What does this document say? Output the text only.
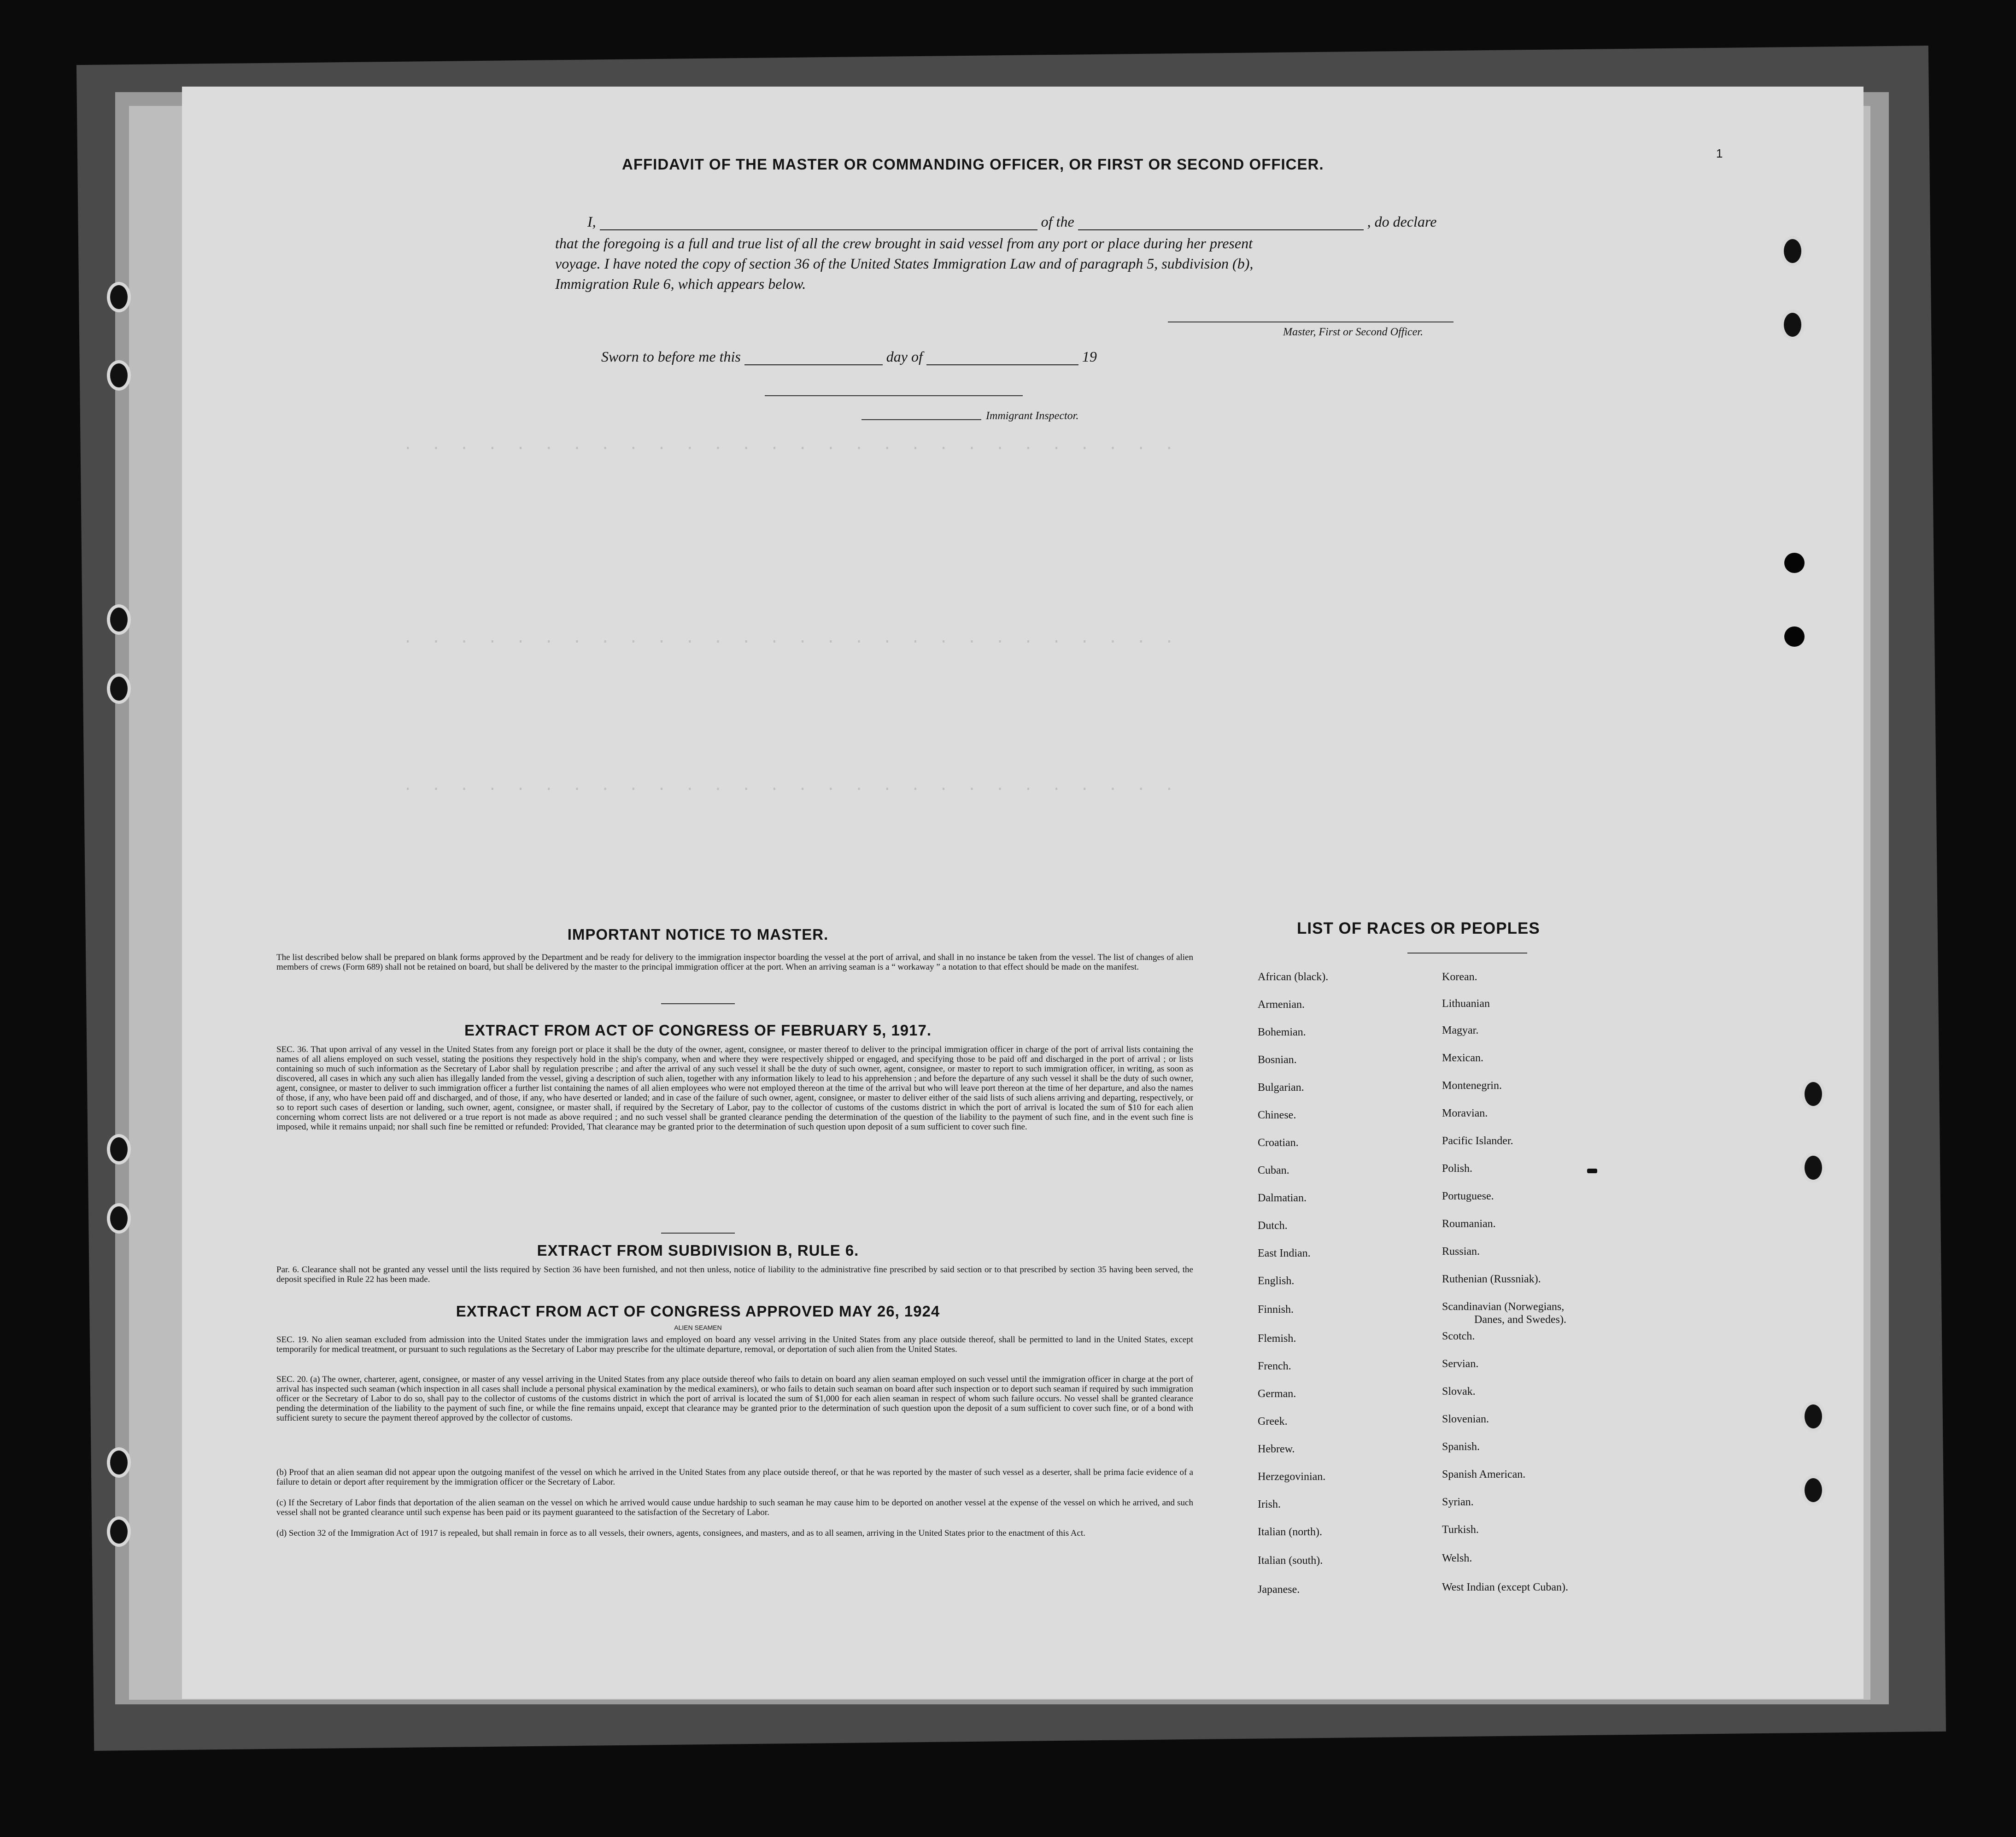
.  .  .  .  .  .  .  .  .  .  .  .  .  .  .  .  .  .  .  .  .  .  .  .  .  .  .  .
.  .  .  .  .  .  .  .  .  .  .  .  .  .  .  .  .  .  .  .  .  .  .  .  .  .  .  .
.  .  .  .  .  .  .  .  .  .  .  .  .  .  .  .  .  .  .  .  .  .  .  .  .  .  .  .
1
AFFIDAVIT OF THE MASTER OR COMMANDING OFFICER, OR FIRST OR SECOND OFFICER.
I,	of the	, do declare
that the foregoing is a full and true list of all the crew brought in said vessel from any port or place during her present
voyage. I have noted the copy of section 36 of the United States Immigration Law and of paragraph 5, subdivision (b),
Immigration Rule 6, which appears below.
Master, First or Second Officer.
Sworn to before me this	day of	19
Immigrant Inspector.
IMPORTANT NOTICE TO MASTER.
The list described below shall be prepared on blank forms approved by the Department and be ready for delivery to the immigration inspector boarding the vessel at the port of arrival, and shall in no instance be taken from the vessel. The list of changes of alien members of crews (Form 689) shall not be retained on board, but shall be delivered by the master to the principal immigration officer at the port. When an arriving seaman is a “ workaway ” a notation to that effect should be made on the manifest.
EXTRACT FROM ACT OF CONGRESS OF FEBRUARY 5, 1917.
SEC. 36. That upon arrival of any vessel in the United States from any foreign port or place it shall be the duty of the owner, agent, consignee, or master thereof to deliver to the principal immigration officer in charge of the port of arrival lists containing the names of all aliens employed on such vessel, stating the positions they respectively hold in the ship's company, when and where they were respectively shipped or engaged, and specifying those to be paid off and discharged in the port of arrival ; or lists containing so much of such information as the Secretary of Labor shall by regulation prescribe ; and after the arrival of any such vessel it shall be the duty of such owner, agent, consignee, or master to report to such immigration officer, in writing, as soon as discovered, all cases in which any such alien has illegally landed from the vessel, giving a description of such alien, together with any information likely to lead to his apprehension ; and before the departure of any such vessel it shall be the duty of such owner, agent, consignee, or master to deliver to such immigration officer a further list containing the names of all alien employees who were not employed thereon at the time of the arrival but who will leave port thereon at the time of her departure, and also the names of those, if any, who have been paid off and discharged, and of those, if any, who have deserted or landed; and in case of the failure of such owner, agent, consignee, or master to deliver either of the said lists of such aliens arriving and departing, respectively, or so to report such cases of desertion or landing, such owner, agent, consignee, or master shall, if required by the Secretary of Labor, pay to the collector of customs of the customs district in which the port of arrival is located the sum of $10 for each alien concerning whom correct lists are not delivered or a true report is not made as above required ; and no such vessel shall be granted clearance pending the determination of the question of the liability to the payment of such fine, and in the event such fine is imposed, while it remains unpaid; nor shall such fine be remitted or refunded: Provided, That clearance may be granted prior to the determination of such question upon deposit of a sum sufficient to cover such fine.
EXTRACT FROM SUBDIVISION B, RULE 6.
Par. 6. Clearance shall not be granted any vessel until the lists required by Section 36 have been furnished, and not then unless, notice of liability to the administrative fine prescribed by said section or to that prescribed by section 35 having been served, the deposit specified in Rule 22 has been made.
EXTRACT FROM ACT OF CONGRESS APPROVED MAY 26, 1924
ALIEN SEAMEN
SEC. 19. No alien seaman excluded from admission into the United States under the immigration laws and employed on board any vessel arriving in the United States from any place outside thereof, shall be permitted to land in the United States, except temporarily for medical treatment, or pursuant to such regulations as the Secretary of Labor may prescribe for the ultimate departure, removal, or deportation of such alien from the United States.
SEC. 20. (a) The owner, charterer, agent, consignee, or master of any vessel arriving in the United States from any place outside thereof who fails to detain on board any alien seaman employed on such vessel until the immigration officer in charge at the port of arrival has inspected such seaman (which inspection in all cases shall include a personal physical examination by the medical examiners), or who fails to detain such seaman on board after such inspection or to deport such seaman if required by such immigration officer or the Secretary of Labor to do so, shall pay to the collector of customs of the customs district in which the port of arrival is located the sum of $1,000 for each alien seaman in respect of whom such failure occurs. No vessel shall be granted clearance pending the determination of the liability to the payment of such fine, or while the fine remains unpaid, except that clearance may be granted prior to the determination of such question upon the deposit of a sum sufficient to cover such fine, or of a bond with sufficient surety to secure the payment thereof approved by the collector of customs.
(b) Proof that an alien seaman did not appear upon the outgoing manifest of the vessel on which he arrived in the United States from any place outside thereof, or that he was reported by the master of such vessel as a deserter, shall be prima facie evidence of a failure to detain or deport after requirement by the immigration officer or the Secretary of Labor.
(c) If the Secretary of Labor finds that deportation of the alien seaman on the vessel on which he arrived would cause undue hardship to such seaman he may cause him to be deported on another vessel at the expense of the vessel on which he arrived, and such vessel shall not be granted clearance until such expense has been paid or its payment guaranteed to the satisfaction of the Secretary of Labor.
(d) Section 32 of the Immigration Act of 1917 is repealed, but shall remain in force as to all vessels, their owners, agents, consignees, and masters, and as to all seamen, arriving in the United States prior to the enactment of this Act.
LIST OF RACES OR PEOPLES
African (black).
Armenian.
Bohemian.
Bosnian.
Bulgarian.
Chinese.
Croatian.
Cuban.
Dalmatian.
Dutch.
East Indian.
English.
Finnish.
Flemish.
French.
German.
Greek.
Hebrew.
Herzegovinian.
Irish.
Italian (north).
Italian (south).
Japanese.
Korean.
Lithuanian
Magyar.
Mexican.
Montenegrin.
Moravian.
Pacific Islander.
Polish.
Portuguese.
Roumanian.
Russian.
Ruthenian (Russniak).
Scandinavian (Norwegians,
Danes, and Swedes).
Scotch.
Servian.
Slovak.
Slovenian.
Spanish.
Spanish American.
Syrian.
Turkish.
Welsh.
West Indian (except Cuban).
